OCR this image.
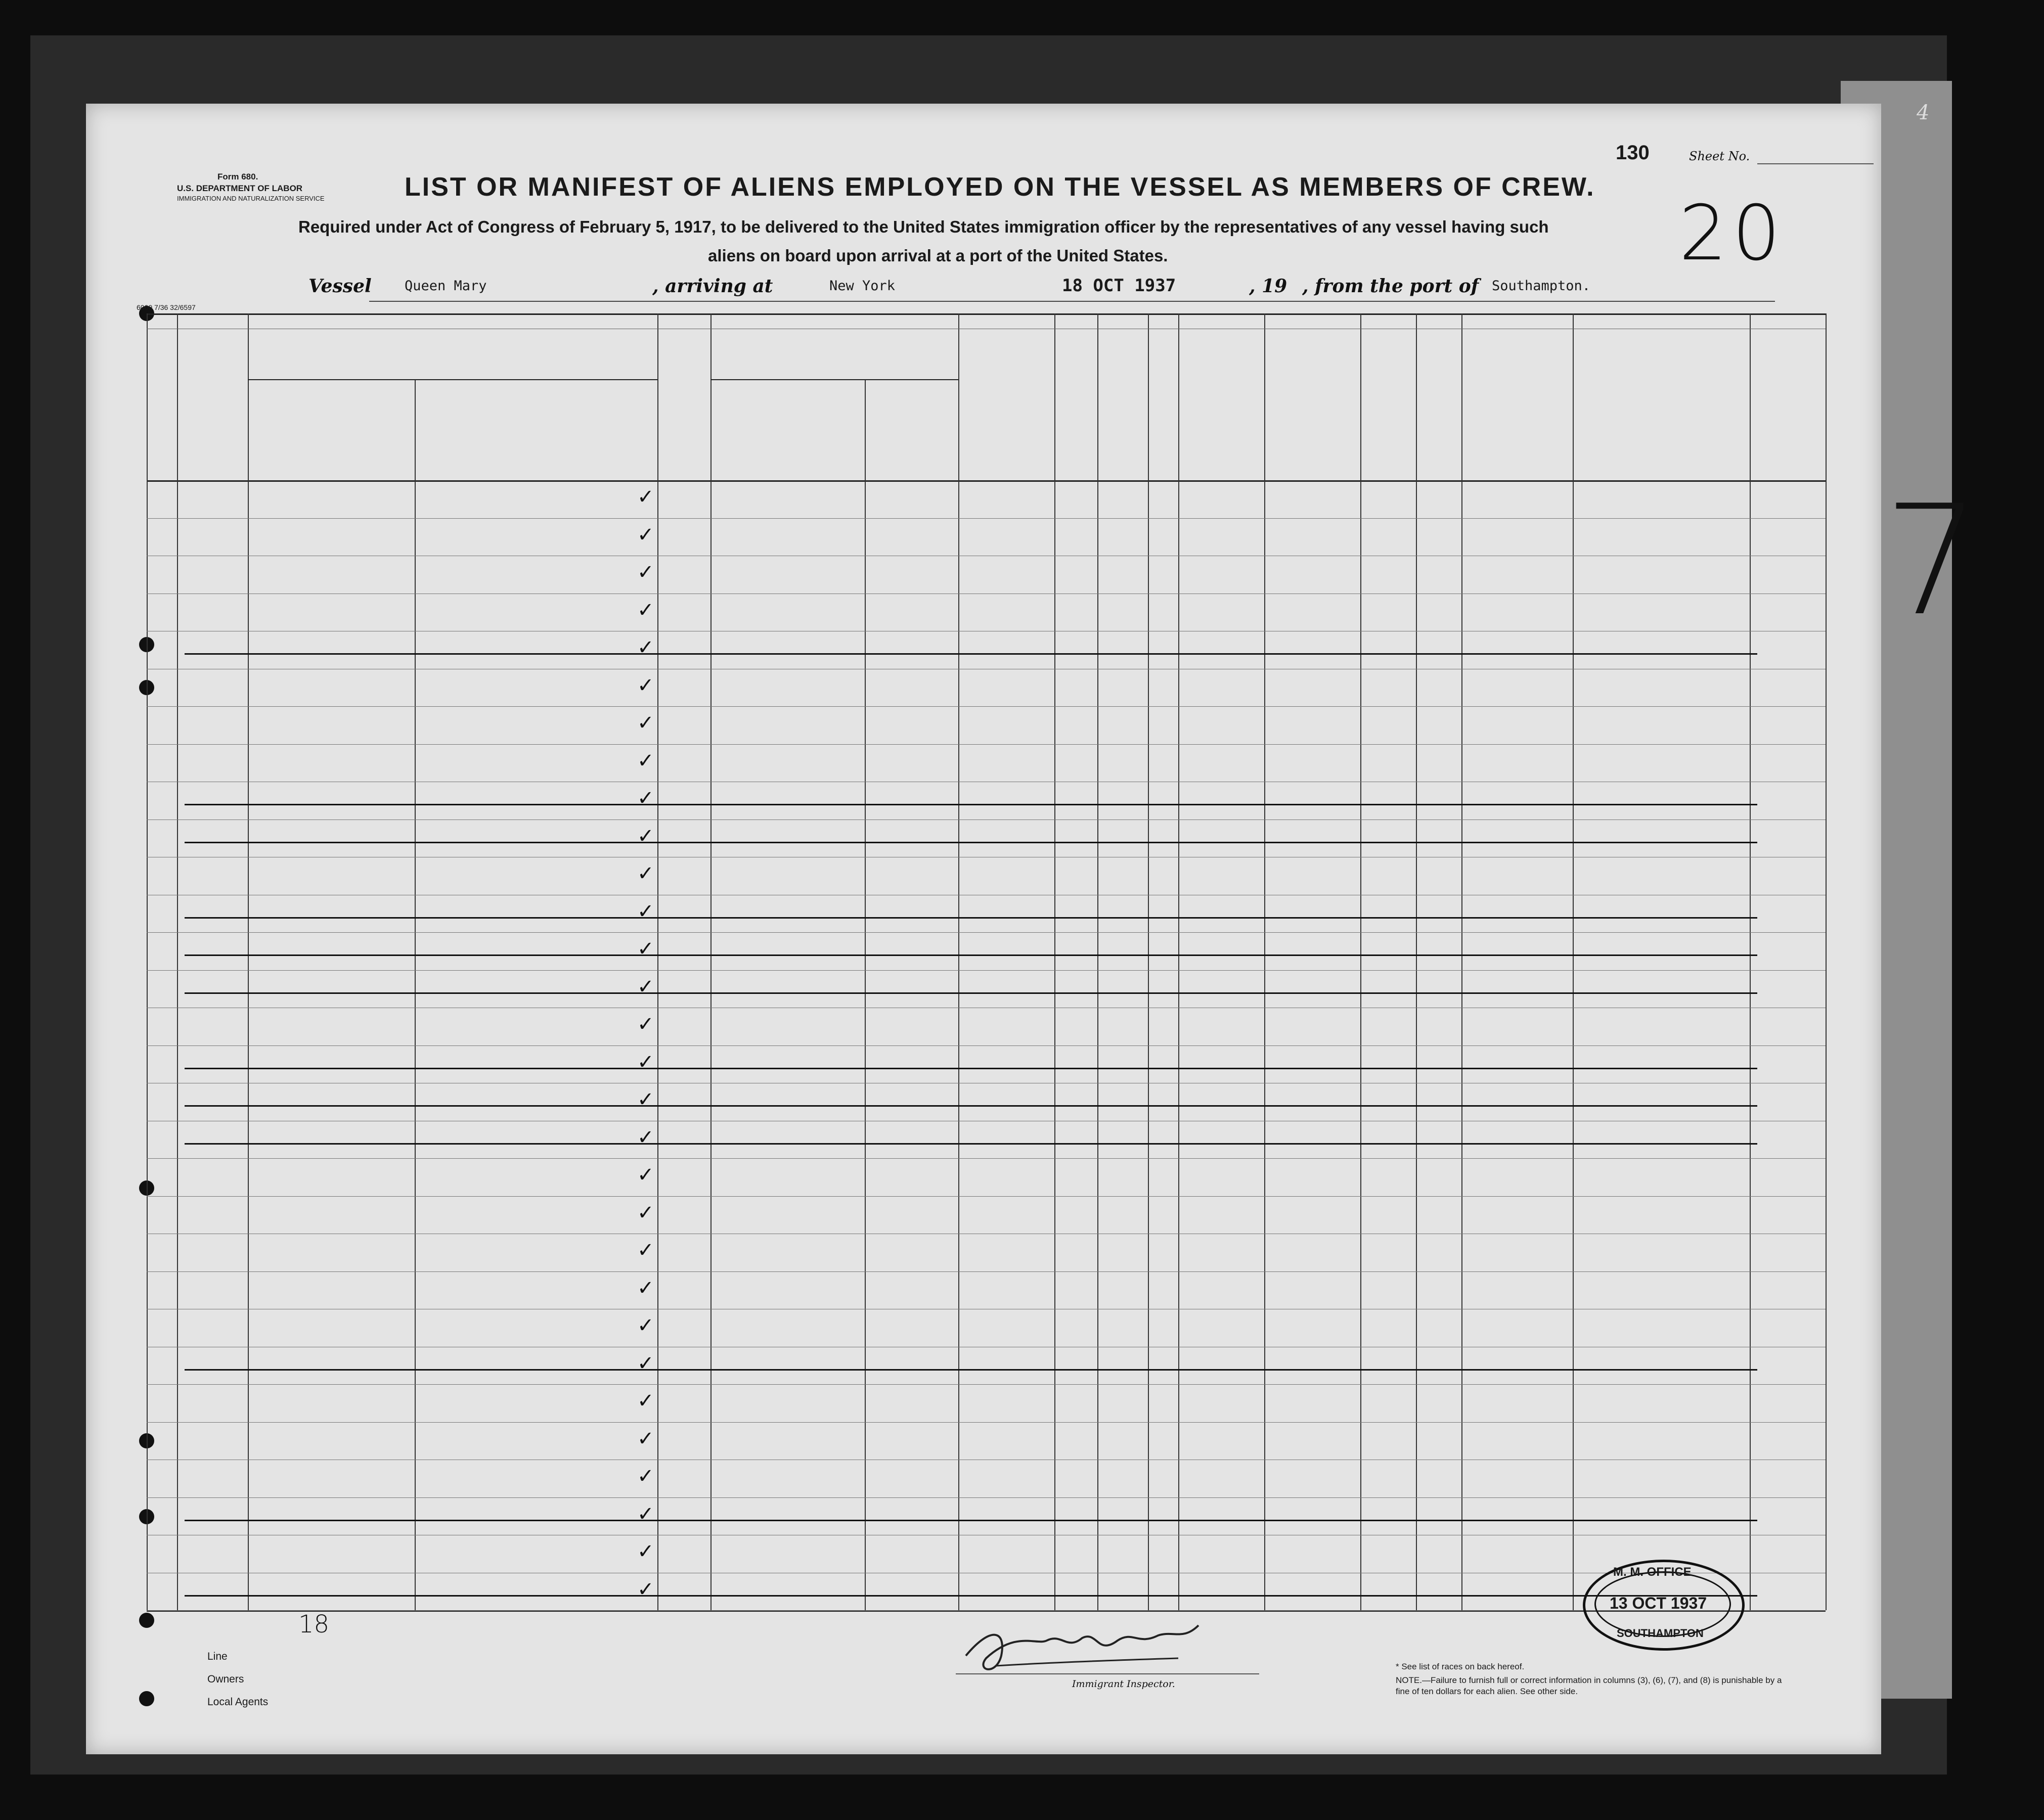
4
Form 680.
U.S. DEPARTMENT OF LABOR
IMMIGRATION AND NATURALIZATION SERVICE
130	Sheet No.
20
LIST OR MANIFEST OF ALIENS EMPLOYED ON THE VESSEL AS MEMBERS OF CREW.
Required under Act of Congress of February 5, 1917, to be delivered to the United States immigration officer by the representatives of any vessel having such
aliens on board upon arrival at a port of the United States.
Vessel Queen Mary	, arriving at	New York	18 OCT 1937	, 19 , from the port of Southampton.
6000 7/36 32/6597
✓
✓
✓
✓
✓
✓
✓
✓
✓
✓
✓
✓
✓
✓
✓
✓
✓
✓
✓
✓
✓
✓
✓
✓
✓
✓
✓
✓
✓
✓
7
Line
Owners
Local Agents
18
Immigrant Inspector.
* See list of races on back hereof.
NOTE.—Failure to furnish full or correct information in columns (3), (6), (7), and (8) is punishable by a fine of ten dollars for each alien. See other side.
M. M. OFFICE
13 OCT 1937
SOUTHAMPTON
